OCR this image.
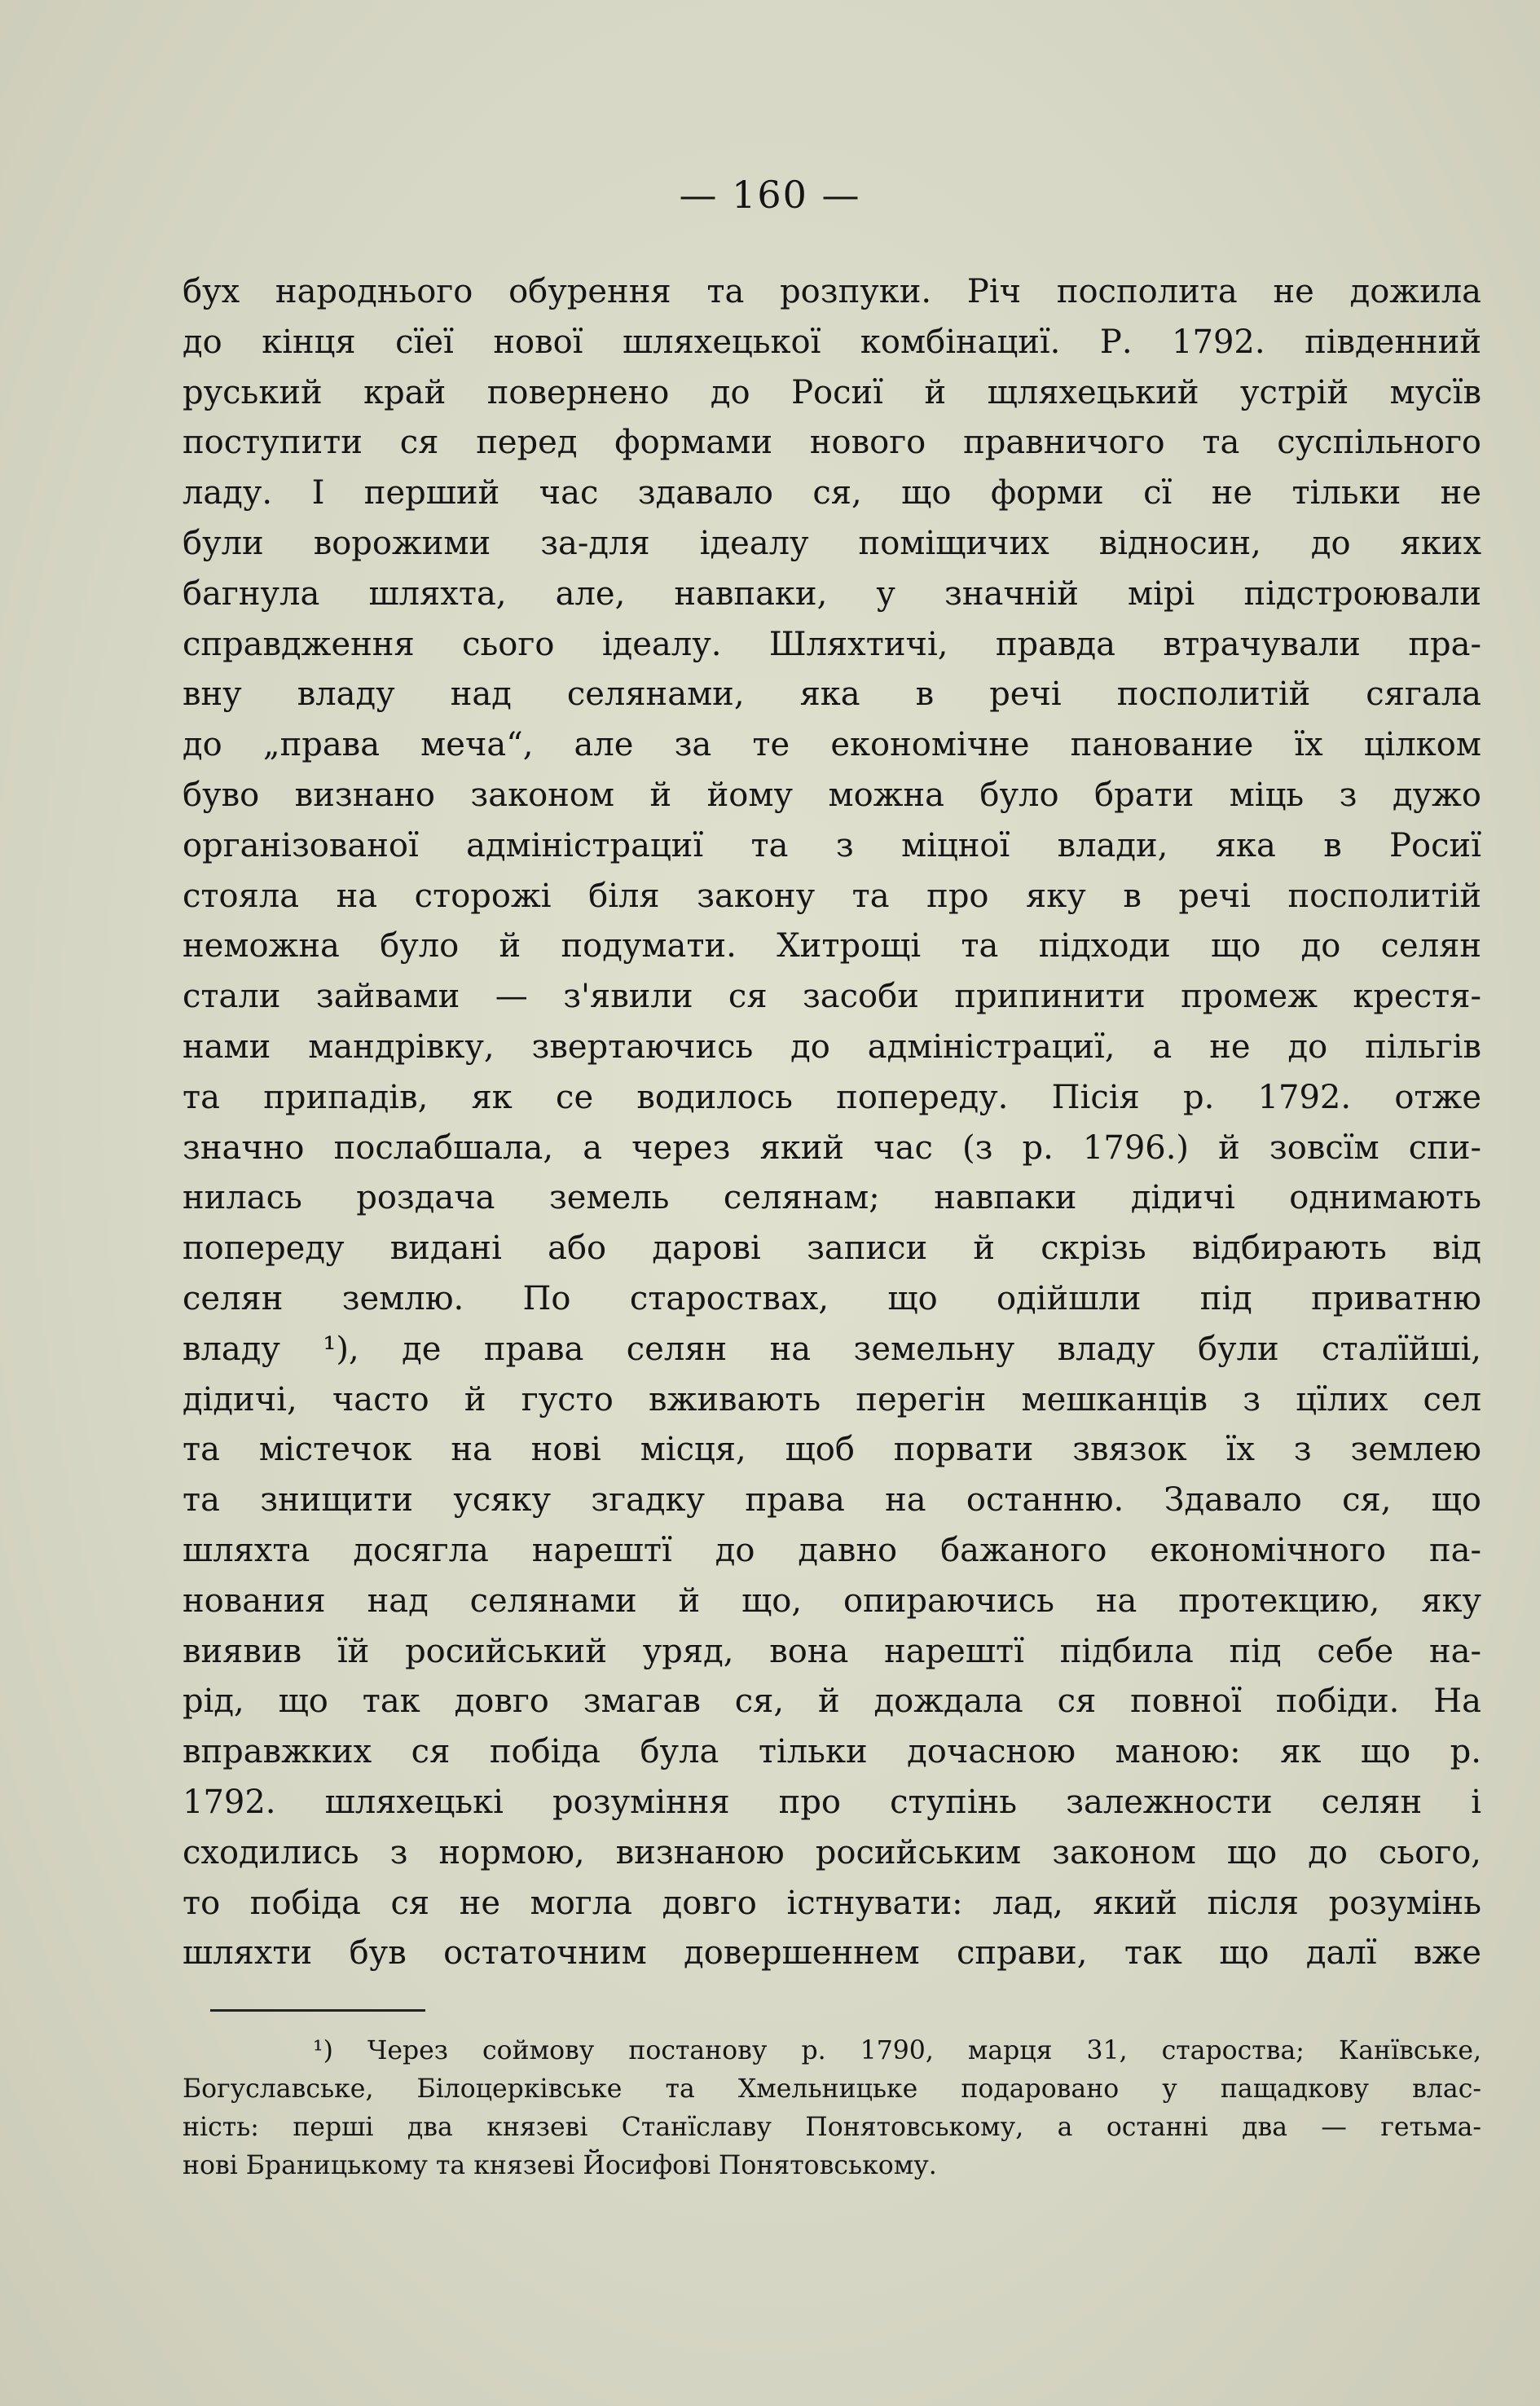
— 160 —
бух народнього обурення та розпуки. Річ посполита не дожила
до кінця сїеї нової шляхецької комбінациї. Р. 1792. південний
руський край повернено до Росиї й щляхецький устрій мусїв
поступити ся перед формами нового правничого та суспільного
ладу. І перший час здавало ся, що форми сї не тільки не
були ворожими за-для ідеалу поміщичих відносин, до яких
багнула шляхта, але, навпаки, у значній мірі підстроювали
справдження сього ідеалу. Шляхтичі, правда втрачували пра-
вну владу над селянами, яка в речі посполитій сягала
до „права меча“, але за те економічне панование їх цілком
буво визнано законом й йому можна було брати міць з дужо
організованої адміністрациї та з міцної влади, яка в Росиї
стояла на сторожі біля закону та про яку в речі посполитій
неможна було й подумати. Хитрощі та підходи що до селян
стали зайвами — з'явили ся засоби припинити промеж крестя-
нами мандрівку, звертаючись до адміністрациї, а не до пільгів
та припадів, як се водилось попереду. Пісія р. 1792. отже
значно послабшала, а через який час (з р. 1796.) й зовсїм спи-
нилась роздача земель селянам; навпаки дідичі однимають
попереду видані або дарові записи й скрізь відбирають від
селян землю. По староствах, що одійшли під приватню
владу ¹), де права селян на земельну владу були сталїйші,
дідичі, часто й густо вживають перегін мешканців з цїлих сел
та містечок на нові місця, щоб порвати звязок їх з землею
та знищити усяку згадку права на останню. Здавало ся, що
шляхта досягла нарештї до давно бажаного економічного па-
нования над селянами й що, опираючись на протекцию, яку
виявив їй росийський уряд, вона нарештї підбила під себе на-
рід, що так довго змагав ся, й дождала ся повної побіди. На
вправжких ся побіда була тільки дочасною маною: як що р.
1792. шляхецькі розуміння про ступінь залежности селян і
сходились з нормою, визнаною росийським законом що до сього,
то побіда ся не могла довго істнувати: лад, який після розумінь
шляхти був остаточним довершеннем справи, так що далї вже
¹) Через соймову постанову р. 1790, марця 31, староства; Канївське,
Богуславське, Білоцерківське та Хмельницьке подаровано у пащадкову влас-
ність: перші два князеві Станїславу Понятовському, а останні два — гетьма-
нові Браницькому та князеві Йосифові Понятовському.
